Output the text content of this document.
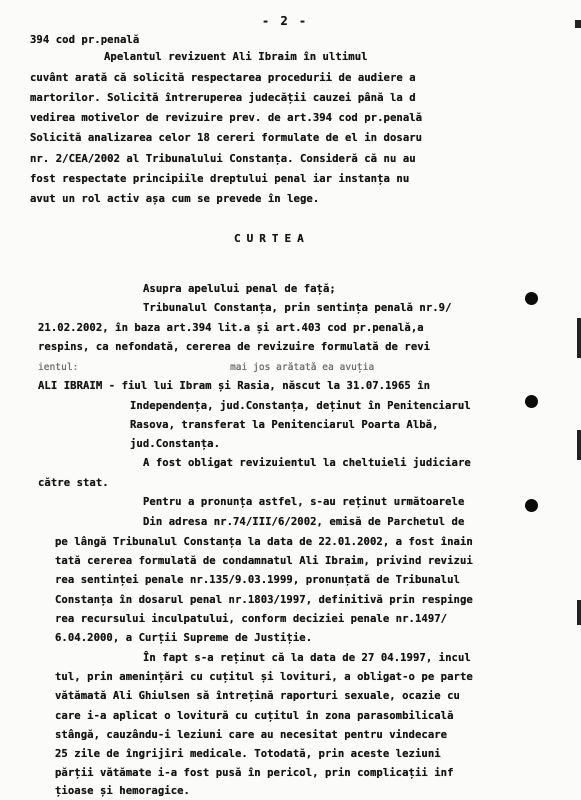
- 2 -
394 cod pr.penală
Apelantul revizuent Ali Ibraim în ultimul
cuvânt arată că solicită respectarea procedurii de audiere a
martorilor. Solicită întreruperea judecății cauzei până la d
vedirea motivelor de revizuire prev. de art.394 cod pr.penală
Solicită analizarea celor 18 cereri formulate de el in dosaru
nr. 2/CEA/2002 al Tribunalului Constanța. Consideră că nu au
fost respectate principiile dreptului penal iar instanța nu
avut un rol activ așa cum se prevede în lege.
Asupra apelului penal de față;
Tribunalul Constanța, prin sentința penală nr.9/
21.02.2002, în baza art.394 lit.a și art.403 cod pr.penală,a
respins, ca nefondată, cererea de revizuire formulată de revi
ALI IBRAIM - fiul lui Ibram și Rasia, născut la 31.07.1965 în
Independența, jud.Constanța, deținut în Penitenciarul
Rasova, transferat la Penitenciarul Poarta Albă,
jud.Constanța.
A fost obligat revizuientul la cheltuieli judiciare
către stat.
Pentru a pronunța astfel, s-au reținut următoarele
Din adresa nr.74/III/6/2002, emisă de Parchetul de
pe lângă Tribunalul Constanța la data de 22.01.2002, a fost înain
tată cererea formulată de condamnatul Ali Ibraim, privind revizui
rea sentinței penale nr.135/9.03.1999, pronunțată de Tribunalul
Constanța în dosarul penal nr.1803/1997, definitivă prin respinge
rea recursului inculpatului, conform deciziei penale nr.1497/
6.04.2000, a Curții Supreme de Justiție.
În fapt s-a reținut că la data de 27 04.1997, incul
tul, prin amenințări cu cuțitul și lovituri, a obligat-o pe parte
vătămată Ali Ghiulsen să întrețină raporturi sexuale, ocazie cu
care i-a aplicat o lovitură cu cuțitul în zona parasombilicală
stângă, cauzându-i leziuni care au necesitat pentru vindecare
25 zile de îngrijiri medicale. Totodată, prin aceste leziuni
părții vătămate i-a fost pusă în pericol, prin complicații inf
țioase și hemoragice.
ientul:	mai jos arătată ea avuția
CURTEA
